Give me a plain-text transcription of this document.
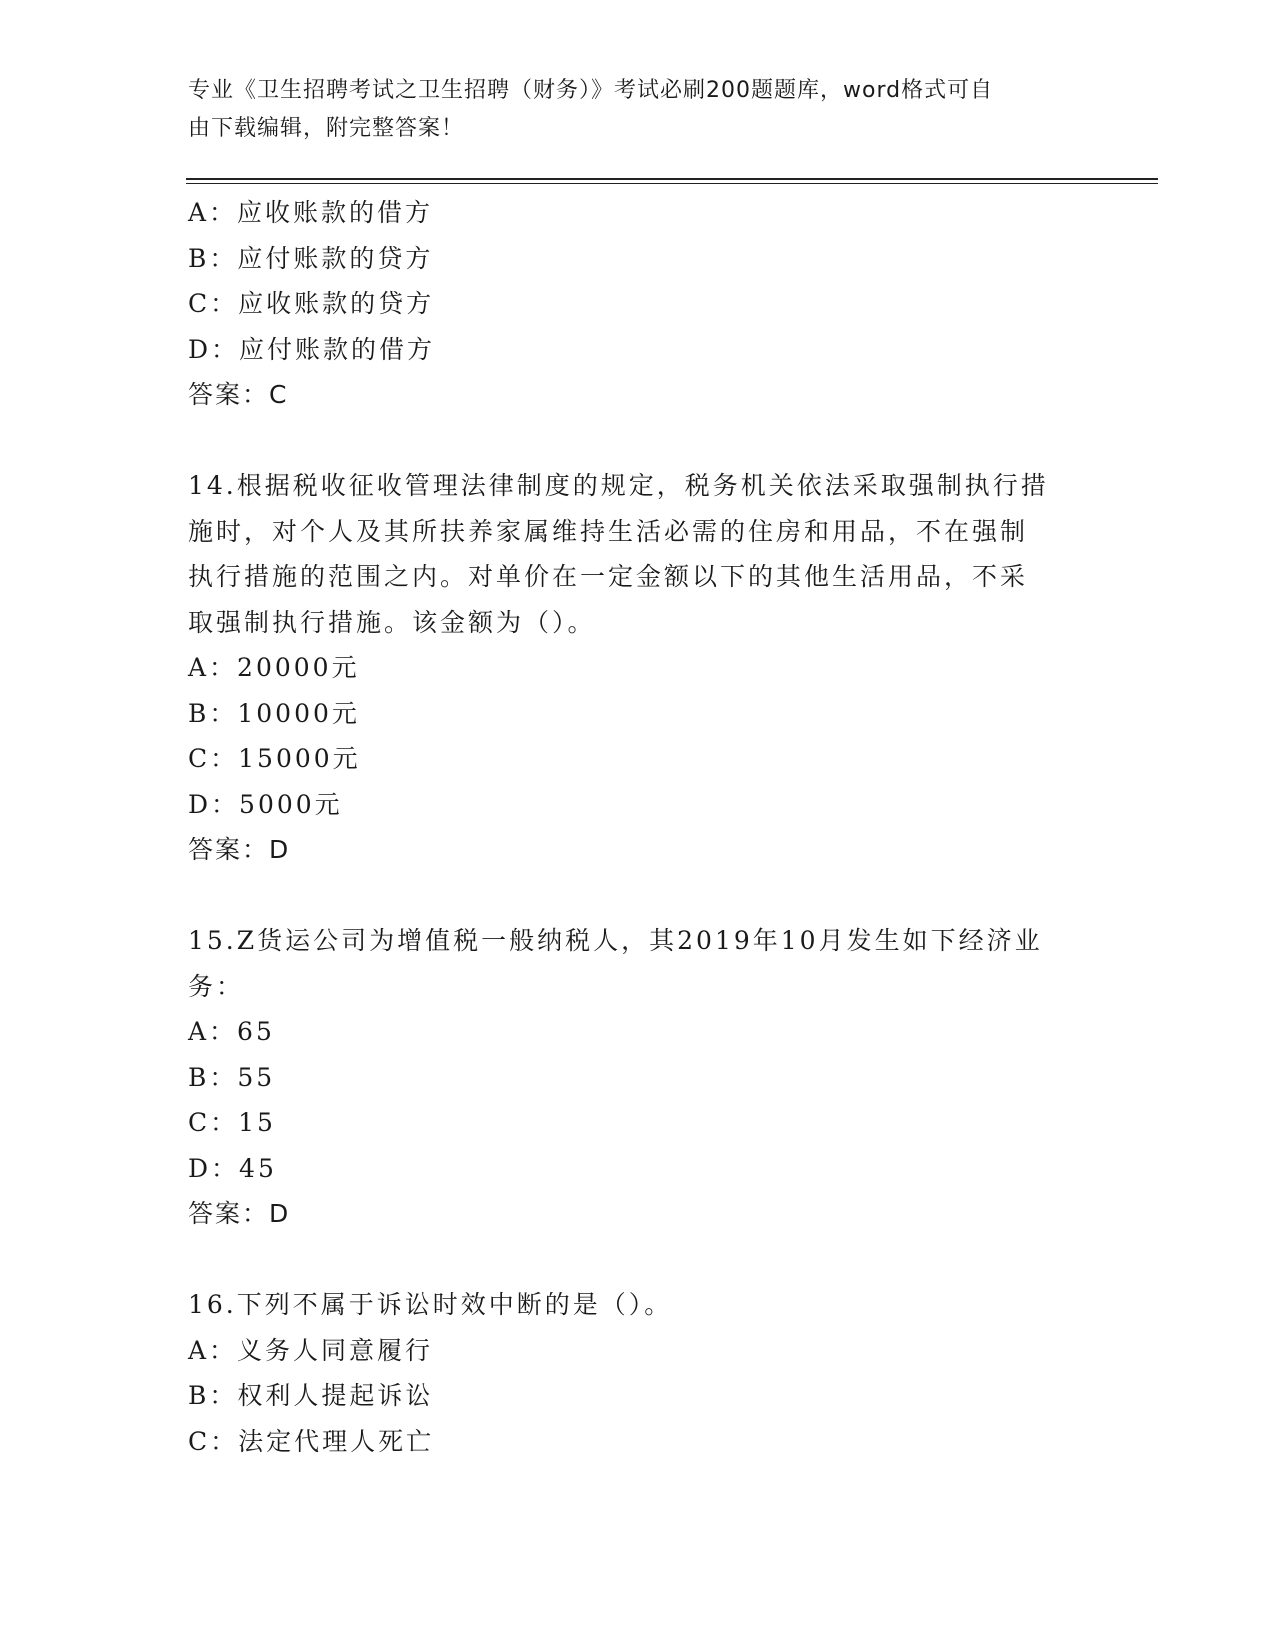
专业《卫生招聘考试之卫生招聘（财务）》考试必刷200题题库，word格式可自
由下载编辑，附完整答案！
A：应收账款的借方
B：应付账款的贷方
C：应收账款的贷方
D：应付账款的借方
答案：C
14.根据税收征收管理法律制度的规定，税务机关依法采取强制执行措
施时，对个人及其所扶养家属维持生活必需的住房和用品，不在强制
执行措施的范围之内。对单价在一定金额以下的其他生活用品，不采
取强制执行措施。该金额为（）。
A：20000元
B：10000元
C：15000元
D：5000元
答案：D
15.Z货运公司为增值税一般纳税人，其2019年10月发生如下经济业
务：
A：65
B：55
C：15
D：45
答案：D
16.下列不属于诉讼时效中断的是（）。
A：义务人同意履行
B：权利人提起诉讼
C：法定代理人死亡
